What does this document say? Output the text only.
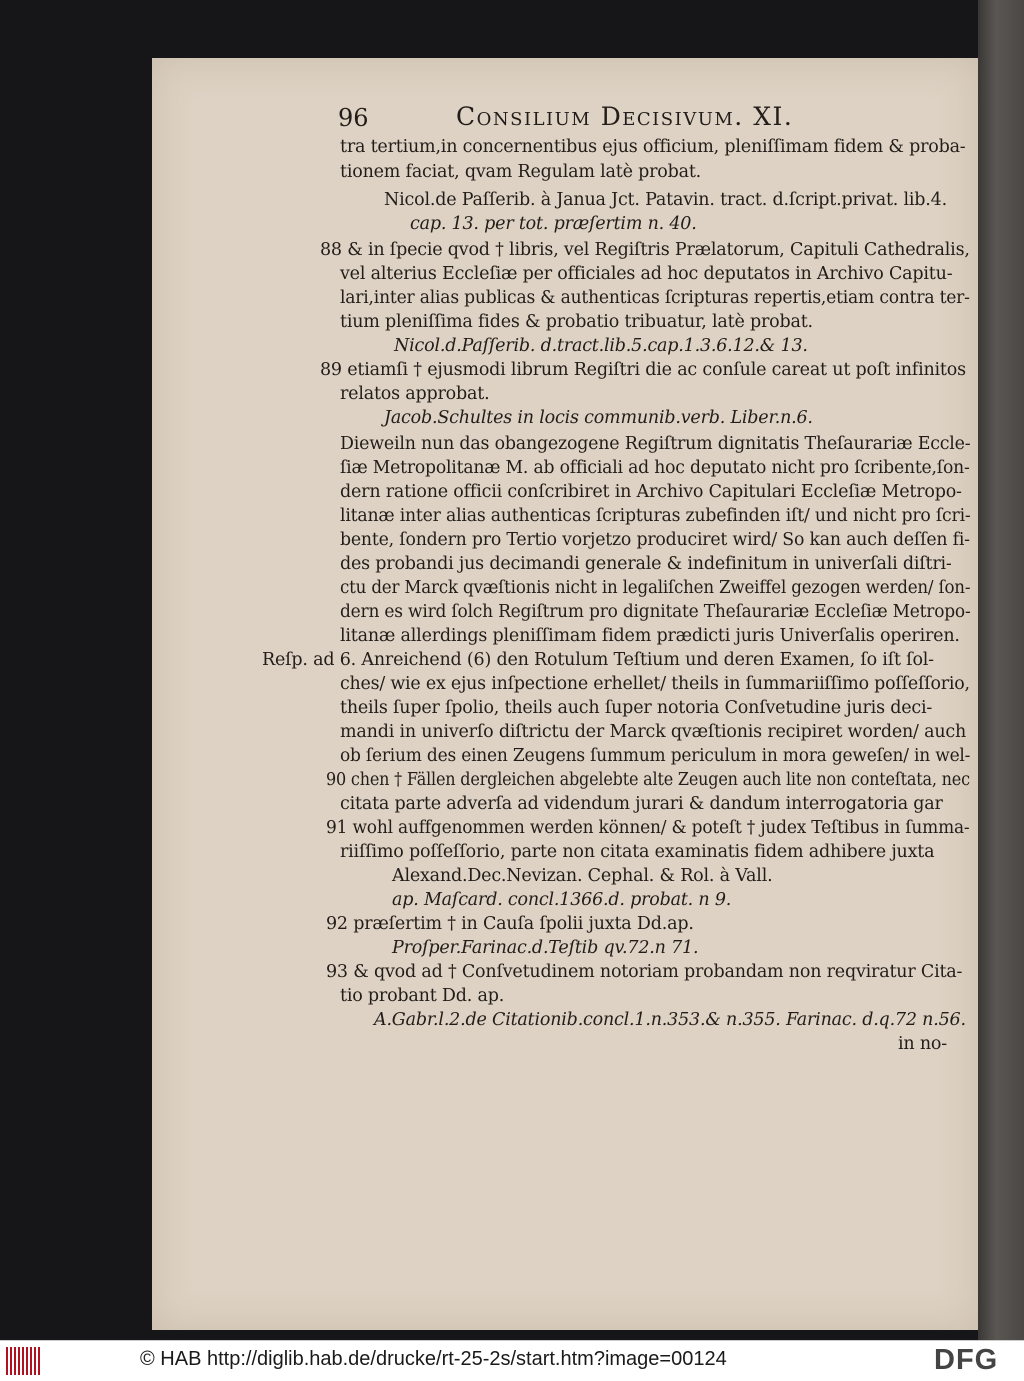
96	Consilium Decisivum. XI.
tra tertium,in concernentibus ejus officium, pleniſſimam fidem & proba-
tionem faciat, qvam Regulam latè probat.
Nicol.de Paſſerib. à Janua Jct. Patavin. tract. d.ſcript.privat. lib.4.
cap. 13. per tot. præſertim n. 40.
88 & in ſpecie qvod † libris, vel Regiſtris Prælatorum, Capituli Cathedralis,
vel alterius Eccleſiæ per officiales ad hoc deputatos in Archivo Capitu-
lari,inter alias publicas & authenticas ſcripturas repertis,etiam contra ter-
tium pleniſſima fides & probatio tribuatur, latè probat.
Nicol.d.Paſſerib. d.tract.lib.5.cap.1.3.6.12.& 13.
89 etiamſi † ejusmodi librum Regiſtri die ac conſule careat ut poſt infinitos
relatos approbat.
Jacob.Schultes in locis communib.verb. Liber.n.6.
Dieweiln nun das obangezogene Regiſtrum dignitatis Theſaurariæ Eccle-
ſiæ Metropolitanæ M. ab officiali ad hoc deputato nicht pro ſcribente,ſon-
dern ratione officii conſcribiret in Archivo Capitulari Eccleſiæ Metropo-
litanæ inter alias authenticas ſcripturas zubefinden iſt/ und nicht pro ſcri-
bente, ſondern pro Tertio vorjetzo produciret wird/ So kan auch deſſen fi-
des probandi jus decimandi generale & indefinitum in univerſali diſtri-
ctu der Marck qvæſtionis nicht in legaliſchen Zweiffel gezogen werden/ ſon-
dern es wird ſolch Regiſtrum pro dignitate Theſaurariæ Eccleſiæ Metropo-
litanæ allerdings pleniſſimam fidem prædicti juris Univerſalis operiren.
Reſp. ad 6. Anreichend (6) den Rotulum Teſtium und deren Examen, ſo iſt ſol-
ches/ wie ex ejus inſpectione erhellet/ theils in ſummariiſſimo poſſeſſorio,
theils ſuper ſpolio, theils auch ſuper notoria Conſvetudine juris deci-
mandi in univerſo diſtrictu der Marck qvæſtionis recipiret worden/ auch
ob ſerium des einen Zeugens ſummum periculum in mora geweſen/ in wel-
90 chen † Fällen dergleichen abgelebte alte Zeugen auch lite non conteſtata, nec
citata parte adverſa ad videndum jurari & dandum interrogatoria gar
91 wohl auffgenommen werden können/ & poteſt † judex Teſtibus in ſumma-
riiſſimo poſſeſſorio, parte non citata examinatis fidem adhibere juxta
Alexand.Dec.Nevizan. Cephal. & Rol. à Vall.
ap. Maſcard. concl.1366.d. probat. n 9.
92 præſertim † in Cauſa ſpolii juxta Dd.ap.
Proſper.Farinac.d.Teſtib qv.72.n 71.
93 & qvod ad † Conſvetudinem notoriam probandam non reqviratur Cita-
tio probant Dd. ap.
A.Gabr.l.2.de Citationib.concl.1.n.353.& n.355. Farinac. d.q.72 n.56.
in no-
© HAB http://diglib.hab.de/drucke/rt-25-2s/start.htm?image=00124	DFG
